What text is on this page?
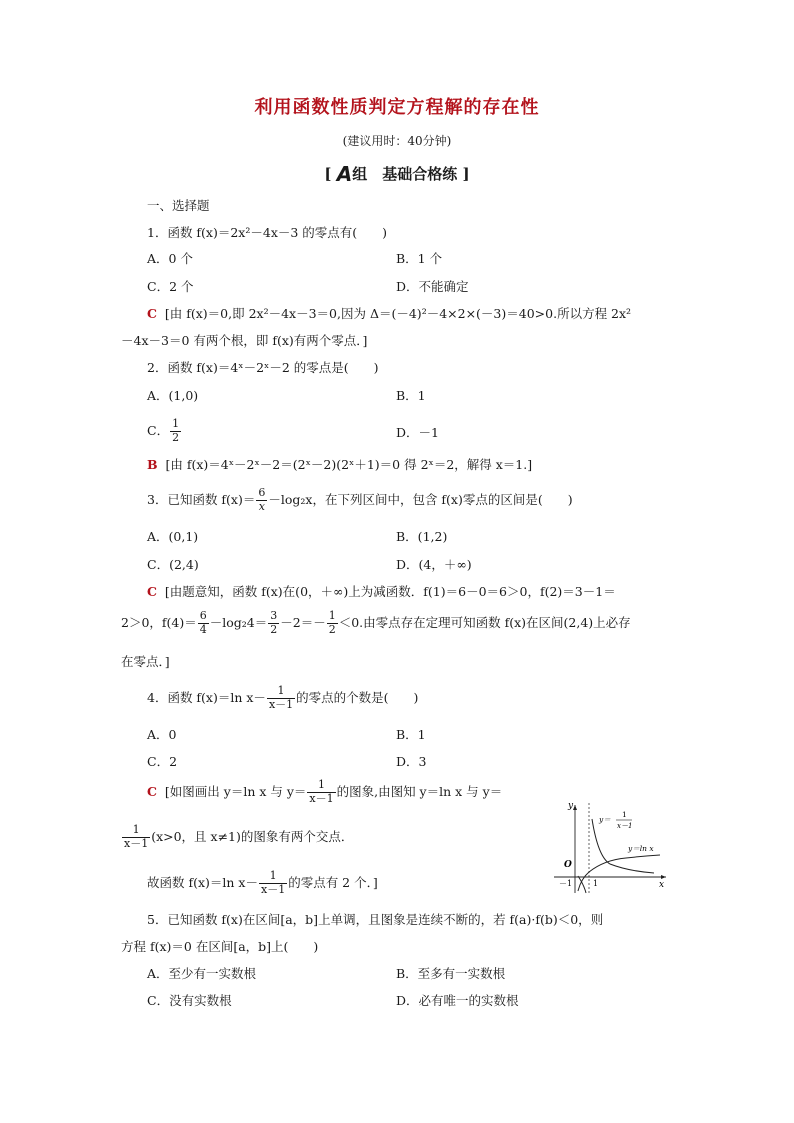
利用函数性质判定方程解的存在性
(建议用时：40分钟)
[ A组　基础合格练 ]
一、选择题
1．函数 f(x)＝2x²－4x－3 的零点有(　　)
A．0 个	B．1 个
C．2 个	D．不能确定
C [由 f(x)＝0,即 2x²－4x－3＝0,因为 Δ＝(－4)²－4×2×(－3)＝40>0.所以方程 2x²
－4x－3＝0 有两个根，即 f(x)有两个零点．]
2．函数 f(x)＝4ˣ－2ˣ－2 的零点是(　　)
A．(1,0)	B．1
C． $\frac{1}{2}$	D．－1
B [由 f(x)＝4ˣ－2ˣ－2＝(2ˣ－2)(2ˣ＋1)＝0 得 2ˣ＝2，解得 x＝1.]
3．已知函数 $f(x)= \frac{6}{x} -\log_2x$，在下列区间中，包含 f(x)零点的区间是(　　)
A．(0,1)	B．(1,2)
C．(2,4)	D．(4，＋∞)
C [由题意知，函数 f(x)在(0，＋∞)上为减函数．f(1)＝6－0＝6＞0，f(2)＝3－1＝
2＞0，$f(4)= \frac{6}{4} -\log_24= \frac{3}{2} -2=- \frac{1}{2} <0$.由零点存在定理可知函数 f(x)在区间(2,4)上必存
在零点．]
4．函数 f(x)＝ln $x- \frac{1}{x-1}$ 的零点的个数是(　　)
A．0	B．1
C．2	D．3
C [如图画出 y＝ln x 与 $y= \frac{1}{x-1}$ 的图象,由图知 y＝ln x 与 y＝
$\frac{1}{x-1} (x>0$，且 x≠1)的图象有两个交点．
故函数 f(x)＝ln $x- \frac{1}{x-1}$ 的零点有 2 个．]
y
x
O
－1	1
y＝
1
x－1
y＝ln x
5．已知函数 f(x)在区间[a，b]上单调，且图象是连续不断的，若 f(a)·f(b)＜0，则
方程 f(x)＝0 在区间[a，b]上(　　)
A．至少有一实数根	B．至多有一实数根
C．没有实数根	D．必有唯一的实数根
